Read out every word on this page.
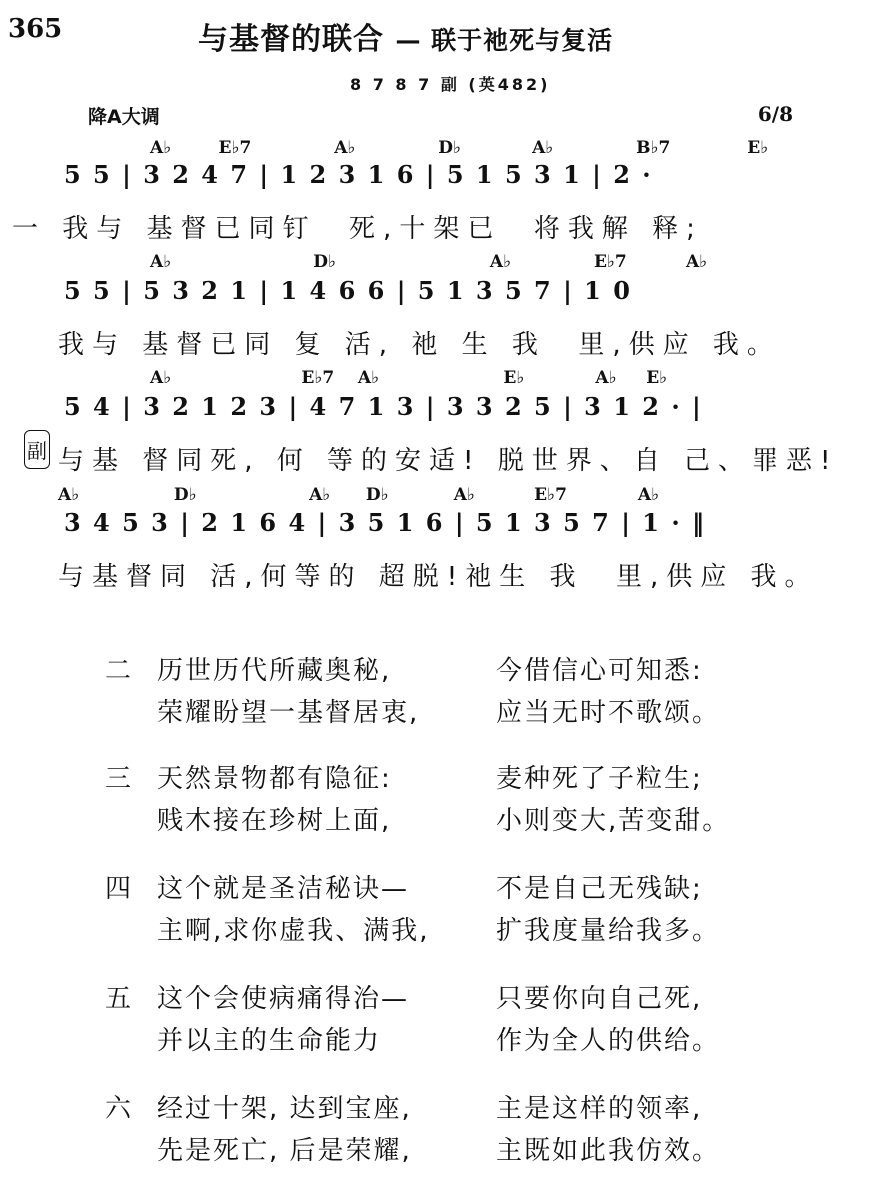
365	与基督的联合 — 联于祂死与复活
8 7 8 7 副 (英482)
降A大调	6/8
A♭        E♭7              A♭              D♭            A♭              B♭7             E♭
5 5 | 3 2 4 7 | 1 2 3 1 6 | 5 1 5 3 1 | 2 ·
一 我与 基督已同钉  死,十架已  将我解 释;
A♭                        D♭                          A♭              E♭7          A♭
5 5 | 5 3 2 1 | 1 4 6 6 | 5 1 3 5 7 | 1 0
我与 基督已同 复 活, 祂 生 我  里,供应 我。
A♭                      E♭7    A♭                     E♭            A♭     E♭
5 4 | 3 2 1 2 3 | 4 7 1 3 | 3 3 2 5 | 3 1 2 · |
副 与基 督同死, 何 等的安适! 脱世界、自 己、罪恶!
A♭                D♭                   A♭      D♭           A♭          E♭7            A♭
3 4 5 3 | 2 1 6 4 | 3 5 1 6 | 5 1 3 5 7 | 1 · ‖
与基督同 活,何等的 超脱!祂生 我  里,供应 我。
二 历世历代所藏奥秘,	今借信心可知悉:
荣耀盼望一基督居衷,	应当无时不歌颂。
三 天然景物都有隐征:	麦种死了子粒生;
贱木接在珍树上面,	小则变大,苦变甜。
四 这个就是圣洁秘诀—	不是自己无残缺;
主啊,求你虚我、满我,	扩我度量给我多。
五 这个会使病痛得治—	只要你向自己死,
并以主的生命能力	作为全人的供给。
六 经过十架, 达到宝座,	主是这样的领率,
先是死亡, 后是荣耀,	主既如此我仿效。
